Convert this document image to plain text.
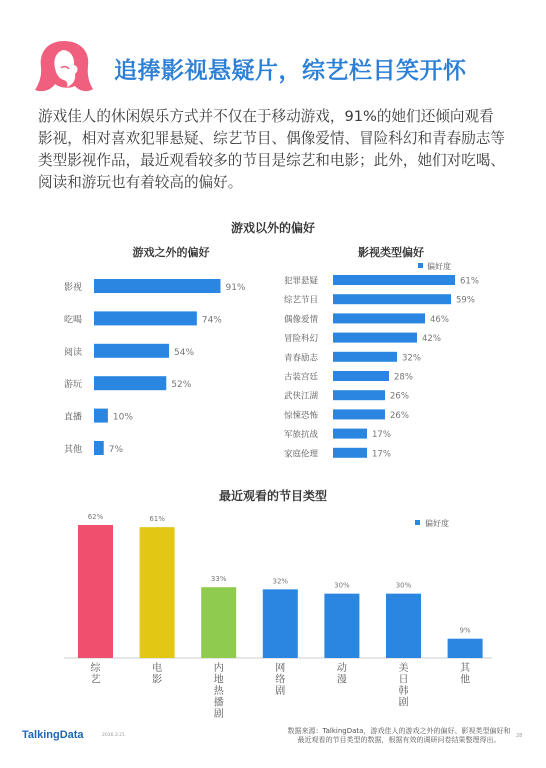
追捧影视悬疑片，综艺栏目笑开怀

游戏佳人的休闲娱乐方式并不仅在于移动游戏，91%的她们还倾向观看影视，相对喜欢犯罪悬疑、综艺节目、偶像爱情、冒险科幻和青春励志等类型影视作品，最近观看较多的节目是综艺和电影；此外，她们对吃喝、阅读和游玩也有着较高的偏好。

游戏以外的偏好
游戏之外的偏好	影视类型偏好
最近观看的节目类型
影视	91%
吃喝	74%
阅读	54%
游玩	52%
直播	10%
其他	7%
偏好度
犯罪悬疑	61%
综艺节目	59%
偶像爱情	46%
冒险科幻	42%
青春励志	32%
古装宫廷	28%
武侠江湖	26%
惊悚恐怖	26%
军旅抗战	17%
家庭伦理	17%
偏好度
62%
综艺
61%
电影
33%
内地热播剧
32%
网络剧
30%
动漫
30%
美日韩剧
9%
其他
TalkingData	2016.3.21
数据来源：TalkingData，游戏佳人的游戏之外的偏好、影视类型偏好和最近观看的节目类型的数据，根据有效的调研问卷结果整理得出。	28
